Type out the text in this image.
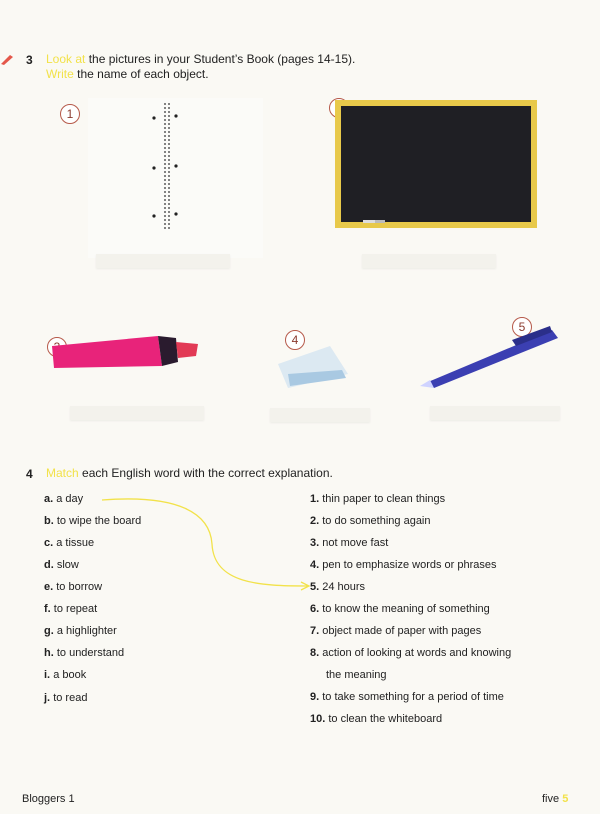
3 Look at the pictures in your Student’s Book (pages 14-15).
Write the name of each object.
1
4
5
4 Match each English word with the correct explanation.
a. a day
b. to wipe the board
c. a tissue
d. slow
e. to borrow
f. to repeat
g. a highlighter
h. to understand
i. a book
j. to read
1. thin paper to clean things
2. to do something again
3. not move fast
4. pen to emphasize words or phrases
5. 24 hours
6. to know the meaning of something
7. object made of paper with pages
8. action of looking at words and knowing
the meaning
9. to take something for a period of time
10. to clean the whiteboard
Bloggers 1	five 5
